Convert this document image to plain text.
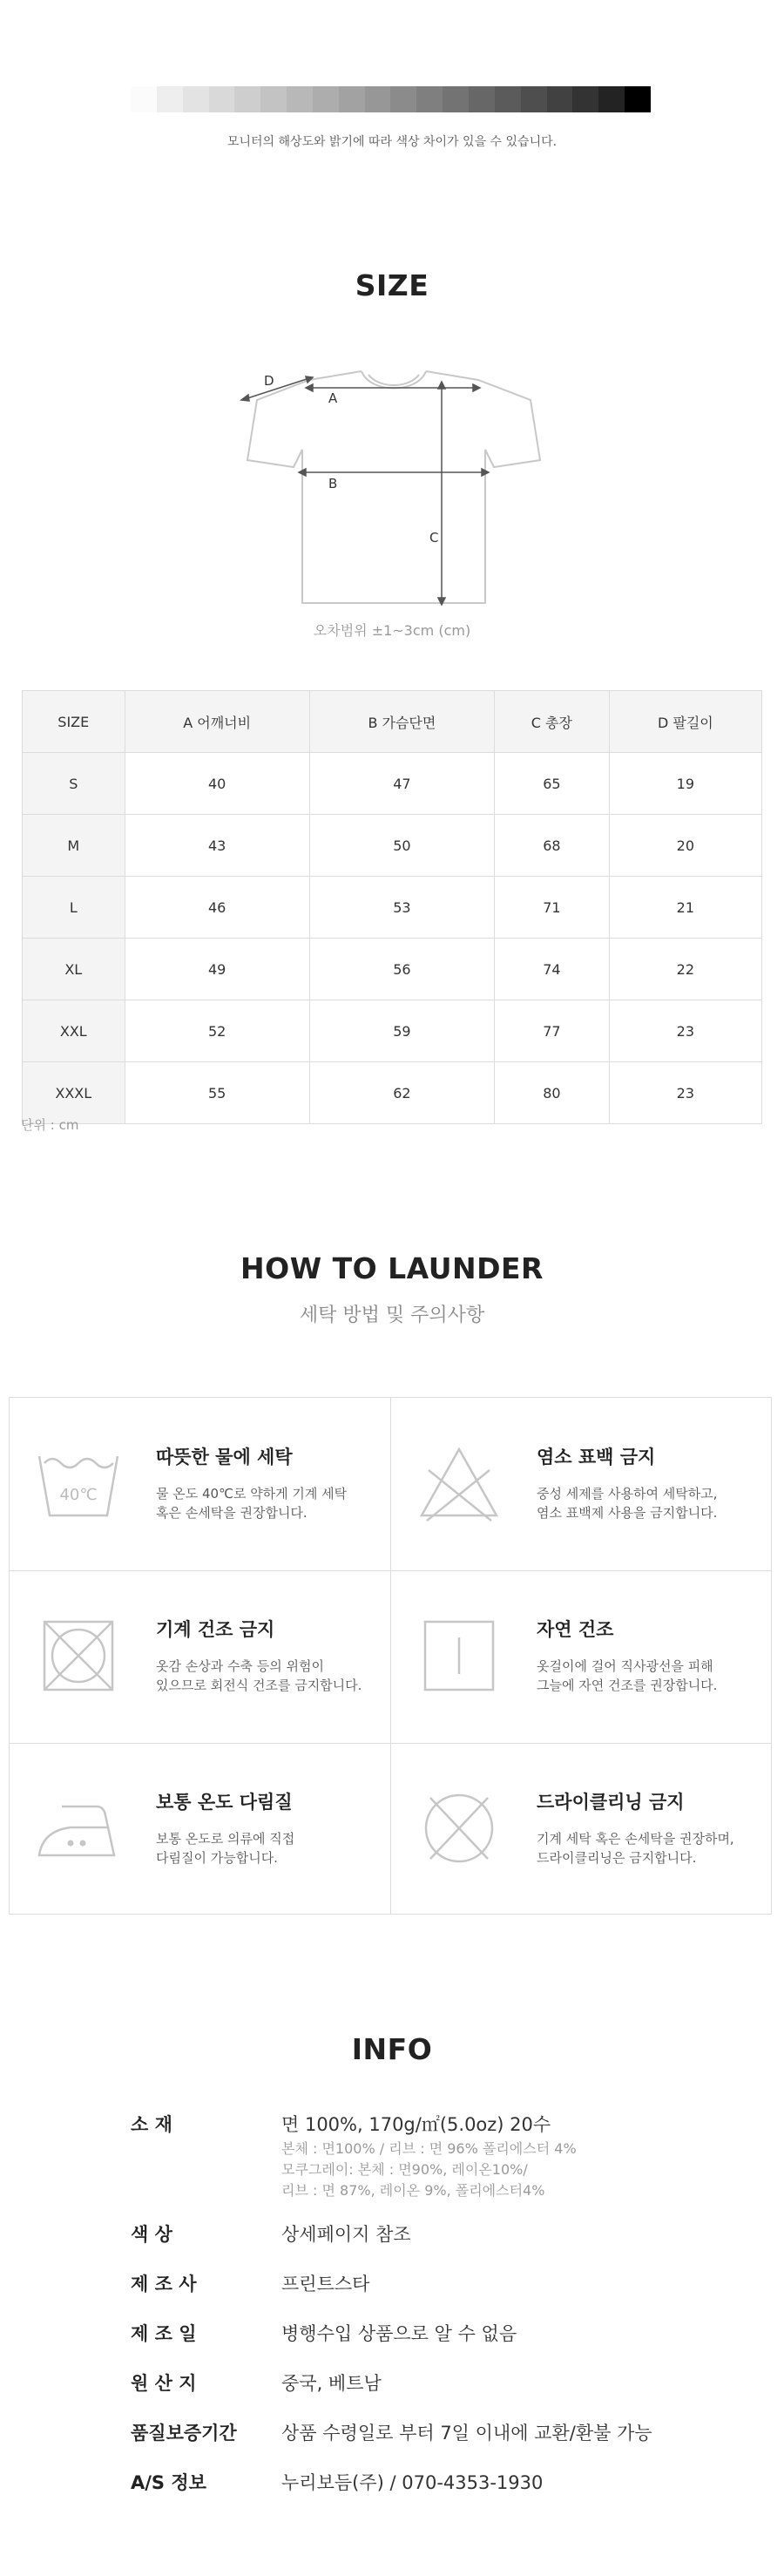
모니터의 해상도와 밝기에 따라 색상 차이가 있을 수 있습니다.
SIZE
D
A
B
C
오차범위 ±1~3cm (cm)
SIZE	A 어깨너비	B 가슴단면	C 총장	D 팔길이
S	40	47	65	19
M	43	50	68	20
L	46	53	71	21
XL	49	56	74	22
XXL	52	59	77	23
XXXL	55	62	80	23
단위 : cm
HOW TO LAUNDER
세탁 방법 및 주의사항
40℃
따뜻한 물에 세탁
물 온도 40℃로 약하게 기계 세탁
혹은 손세탁을 권장합니다.
염소 표백 금지
중성 세제를 사용하여 세탁하고,
염소 표백제 사용을 금지합니다.
기계 건조 금지
옷감 손상과 수축 등의 위험이
있으므로 회전식 건조를 금지합니다.
자연 건조
옷걸이에 걸어 직사광선을 피해
그늘에 자연 건조를 권장합니다.
보통 온도 다림질
보통 온도로 의류에 직접
다림질이 가능합니다.
드라이클리닝 금지
기계 세탁 혹은 손세탁을 권장하며,
드라이클리닝은 금지합니다.
INFO
소 재	면 100%, 170g/㎡(5.0oz) 20수
본체 : 면100% / 리브 : 면 96% 폴리에스터 4%
모쿠그레이: 본체 : 면90%, 레이온10%/
리브 : 면 87%, 레이온 9%, 폴리에스터4%
색 상	상세페이지 참조
제 조 사	프린트스타
제 조 일	병행수입 상품으로 알 수 없음
원 산 지	중국, 베트남
품질보증기간 상품 수령일로 부터 7일 이내에 교환/환불 가능
A/S 정보	누리보듬(주) / 070-4353-1930
